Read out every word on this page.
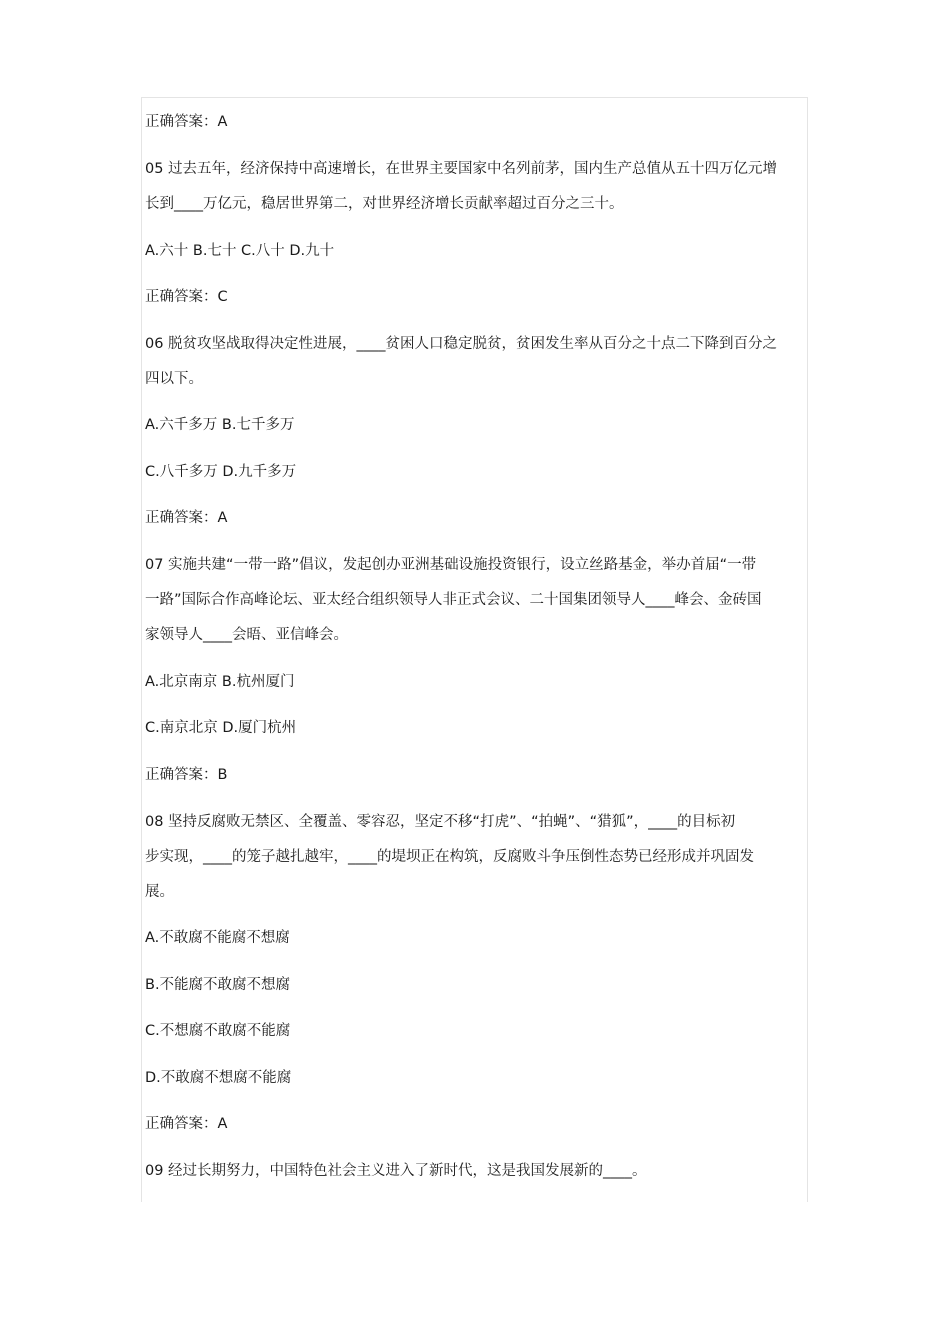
正确答案：A
05 过去五年，经济保持中高速增长，在世界主要国家中名列前茅，国内生产总值从五十四万亿元增
长到____万亿元，稳居世界第二，对世界经济增长贡献率超过百分之三十。
A.六十 B.七十 C.八十 D.九十
正确答案：C
06 脱贫攻坚战取得决定性进展，____贫困人口稳定脱贫，贫困发生率从百分之十点二下降到百分之
四以下。
A.六千多万 B.七千多万
C.八千多万 D.九千多万
正确答案：A
07 实施共建“一带一路”倡议，发起创办亚洲基础设施投资银行，设立丝路基金，举办首届“一带
一路”国际合作高峰论坛、亚太经合组织领导人非正式会议、二十国集团领导人____峰会、金砖国
家领导人____会晤、亚信峰会。
A.北京南京 B.杭州厦门
C.南京北京 D.厦门杭州
正确答案：B
08 坚持反腐败无禁区、全覆盖、零容忍，坚定不移“打虎”、“拍蝇”、“猎狐”，____的目标初
步实现，____的笼子越扎越牢，____的堤坝正在构筑，反腐败斗争压倒性态势已经形成并巩固发
展。
A.不敢腐不能腐不想腐
B.不能腐不敢腐不想腐
C.不想腐不敢腐不能腐
D.不敢腐不想腐不能腐
正确答案：A
09 经过长期努力，中国特色社会主义进入了新时代，这是我国发展新的____。
